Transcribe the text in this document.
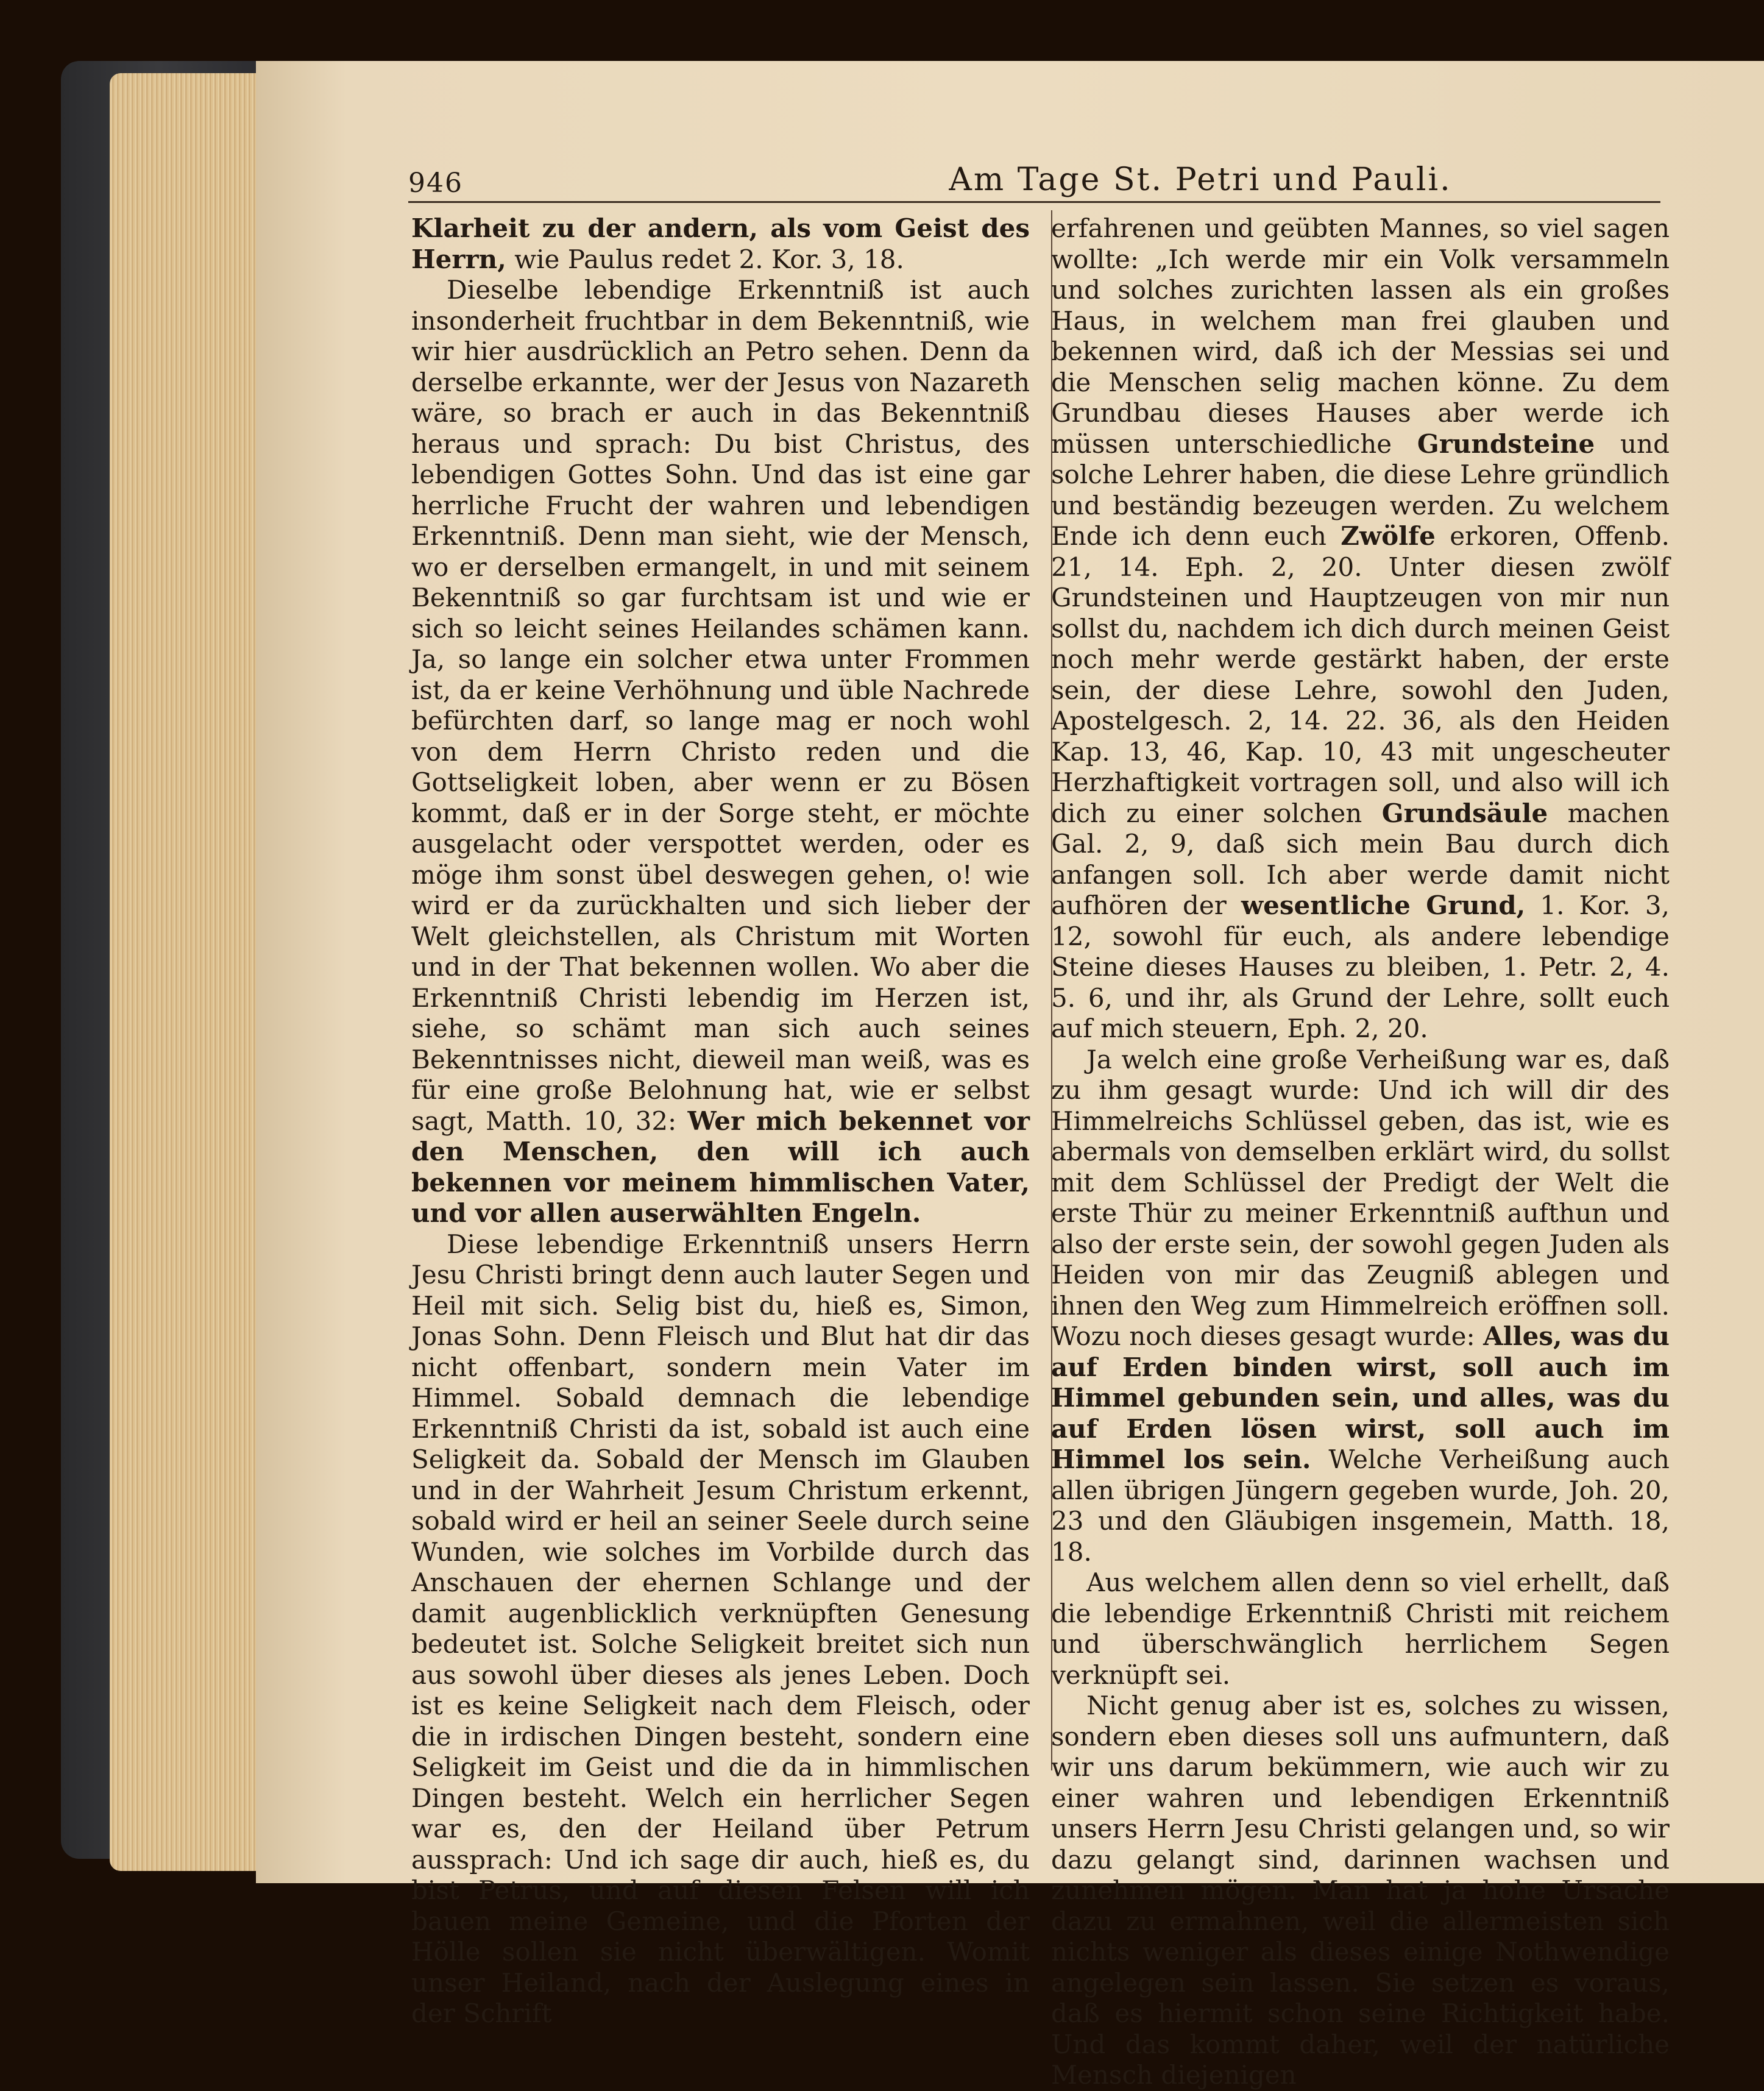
946	Am Tage St. Petri und Pauli.

Klarheit zu der andern, als vom Geist des Herrn, wie Paulus redet 2. Kor. 3, 18.

Dieselbe lebendige Erkenntniß ist auch insonderheit fruchtbar in dem Bekenntniß, wie wir hier ausdrücklich an Petro sehen. Denn da derselbe erkannte, wer der Jesus von Nazareth wäre, so brach er auch in das Bekenntniß heraus und sprach: Du bist Christus, des lebendigen Gottes Sohn. Und das ist eine gar herrliche Frucht der wahren und lebendigen Erkenntniß. Denn man sieht, wie der Mensch, wo er derselben ermangelt, in und mit seinem Bekenntniß so gar furchtsam ist und wie er sich so leicht seines Heilandes schämen kann. Ja, so lange ein solcher etwa unter Frommen ist, da er keine Verhöhnung und üble Nachrede befürchten darf, so lange mag er noch wohl von dem Herrn Christo reden und die Gottseligkeit loben, aber wenn er zu Bösen kommt, daß er in der Sorge steht, er möchte ausgelacht oder verspottet werden, oder es möge ihm sonst übel deswegen gehen, o! wie wird er da zurückhalten und sich lieber der Welt gleichstellen, als Christum mit Worten und in der That bekennen wollen. Wo aber die Erkenntniß Christi lebendig im Herzen ist, siehe, so schämt man sich auch seines Bekenntnisses nicht, dieweil man weiß, was es für eine große Belohnung hat, wie er selbst sagt, Matth. 10, 32: Wer mich bekennet vor den Menschen, den will ich auch bekennen vor meinem himmlischen Vater, und vor allen auserwählten Engeln.

Diese lebendige Erkenntniß unsers Herrn Jesu Christi bringt denn auch lauter Segen und Heil mit sich. Selig bist du, hieß es, Simon, Jonas Sohn. Denn Fleisch und Blut hat dir das nicht offenbart, sondern mein Vater im Himmel. Sobald demnach die lebendige Erkenntniß Christi da ist, sobald ist auch eine Seligkeit da. Sobald der Mensch im Glauben und in der Wahrheit Jesum Christum erkennt, sobald wird er heil an seiner Seele durch seine Wunden, wie solches im Vorbilde durch das Anschauen der ehernen Schlange und der damit augenblicklich verknüpften Genesung bedeutet ist. Solche Seligkeit breitet sich nun aus sowohl über dieses als jenes Leben. Doch ist es keine Seligkeit nach dem Fleisch, oder die in irdischen Dingen besteht, sondern eine Seligkeit im Geist und die da in himmlischen Dingen besteht. Welch ein herrlicher Segen war es, den der Heiland über Petrum aussprach: Und ich sage dir auch, hieß es, du bist Petrus, und auf diesen Felsen will ich bauen meine Gemeine, und die Pforten der Hölle sollen sie nicht überwältigen. Womit unser Heiland, nach der Auslegung eines in der Schrift

erfahrenen und geübten Mannes, so viel sagen wollte: „Ich werde mir ein Volk versammeln und solches zurichten lassen als ein großes Haus, in welchem man frei glauben und bekennen wird, daß ich der Messias sei und die Menschen selig machen könne. Zu dem Grundbau dieses Hauses aber werde ich müssen unterschiedliche Grundsteine und solche Lehrer haben, die diese Lehre gründlich und beständig bezeugen werden. Zu welchem Ende ich denn euch Zwölfe erkoren, Offenb. 21, 14. Eph. 2, 20. Unter diesen zwölf Grundsteinen und Hauptzeugen von mir nun sollst du, nachdem ich dich durch meinen Geist noch mehr werde gestärkt haben, der erste sein, der diese Lehre, sowohl den Juden, Apostelgesch. 2, 14. 22. 36, als den Heiden Kap. 13, 46, Kap. 10, 43 mit ungescheuter Herzhaftigkeit vortragen soll, und also will ich dich zu einer solchen Grundsäule machen Gal. 2, 9, daß sich mein Bau durch dich anfangen soll. Ich aber werde damit nicht aufhören der wesentliche Grund, 1. Kor. 3, 12, sowohl für euch, als andere lebendige Steine dieses Hauses zu bleiben, 1. Petr. 2, 4. 5. 6, und ihr, als Grund der Lehre, sollt euch auf mich steuern, Eph. 2, 20.

Ja welch eine große Verheißung war es, daß zu ihm gesagt wurde: Und ich will dir des Himmelreichs Schlüssel geben, das ist, wie es abermals von demselben erklärt wird, du sollst mit dem Schlüssel der Predigt der Welt die erste Thür zu meiner Erkenntniß aufthun und also der erste sein, der sowohl gegen Juden als Heiden von mir das Zeugniß ablegen und ihnen den Weg zum Himmelreich eröffnen soll. Wozu noch dieses gesagt wurde: Alles, was du auf Erden binden wirst, soll auch im Himmel gebunden sein, und alles, was du auf Erden lösen wirst, soll auch im Himmel los sein. Welche Verheißung auch allen übrigen Jüngern gegeben wurde, Joh. 20, 23 und den Gläubigen insgemein, Matth. 18, 18.

Aus welchem allen denn so viel erhellt, daß die lebendige Erkenntniß Christi mit reichem und überschwänglich herrlichem Segen verknüpft sei.

Nicht genug aber ist es, solches zu wissen, sondern eben dieses soll uns aufmuntern, daß wir uns darum bekümmern, wie auch wir zu einer wahren und lebendigen Erkenntniß unsers Herrn Jesu Christi gelangen und, so wir dazu gelangt sind, darinnen wachsen und zunehmen mögen. Man hat ja hohe Ursache dazu zu ermahnen, weil die allermeisten sich nichts weniger als dieses einige Nothwendige angelegen sein lassen. Sie setzen es voraus, daß es hiermit schon seine Richtigkeit habe. Und das kommt daher, weil der natürliche Mensch diejenigen
